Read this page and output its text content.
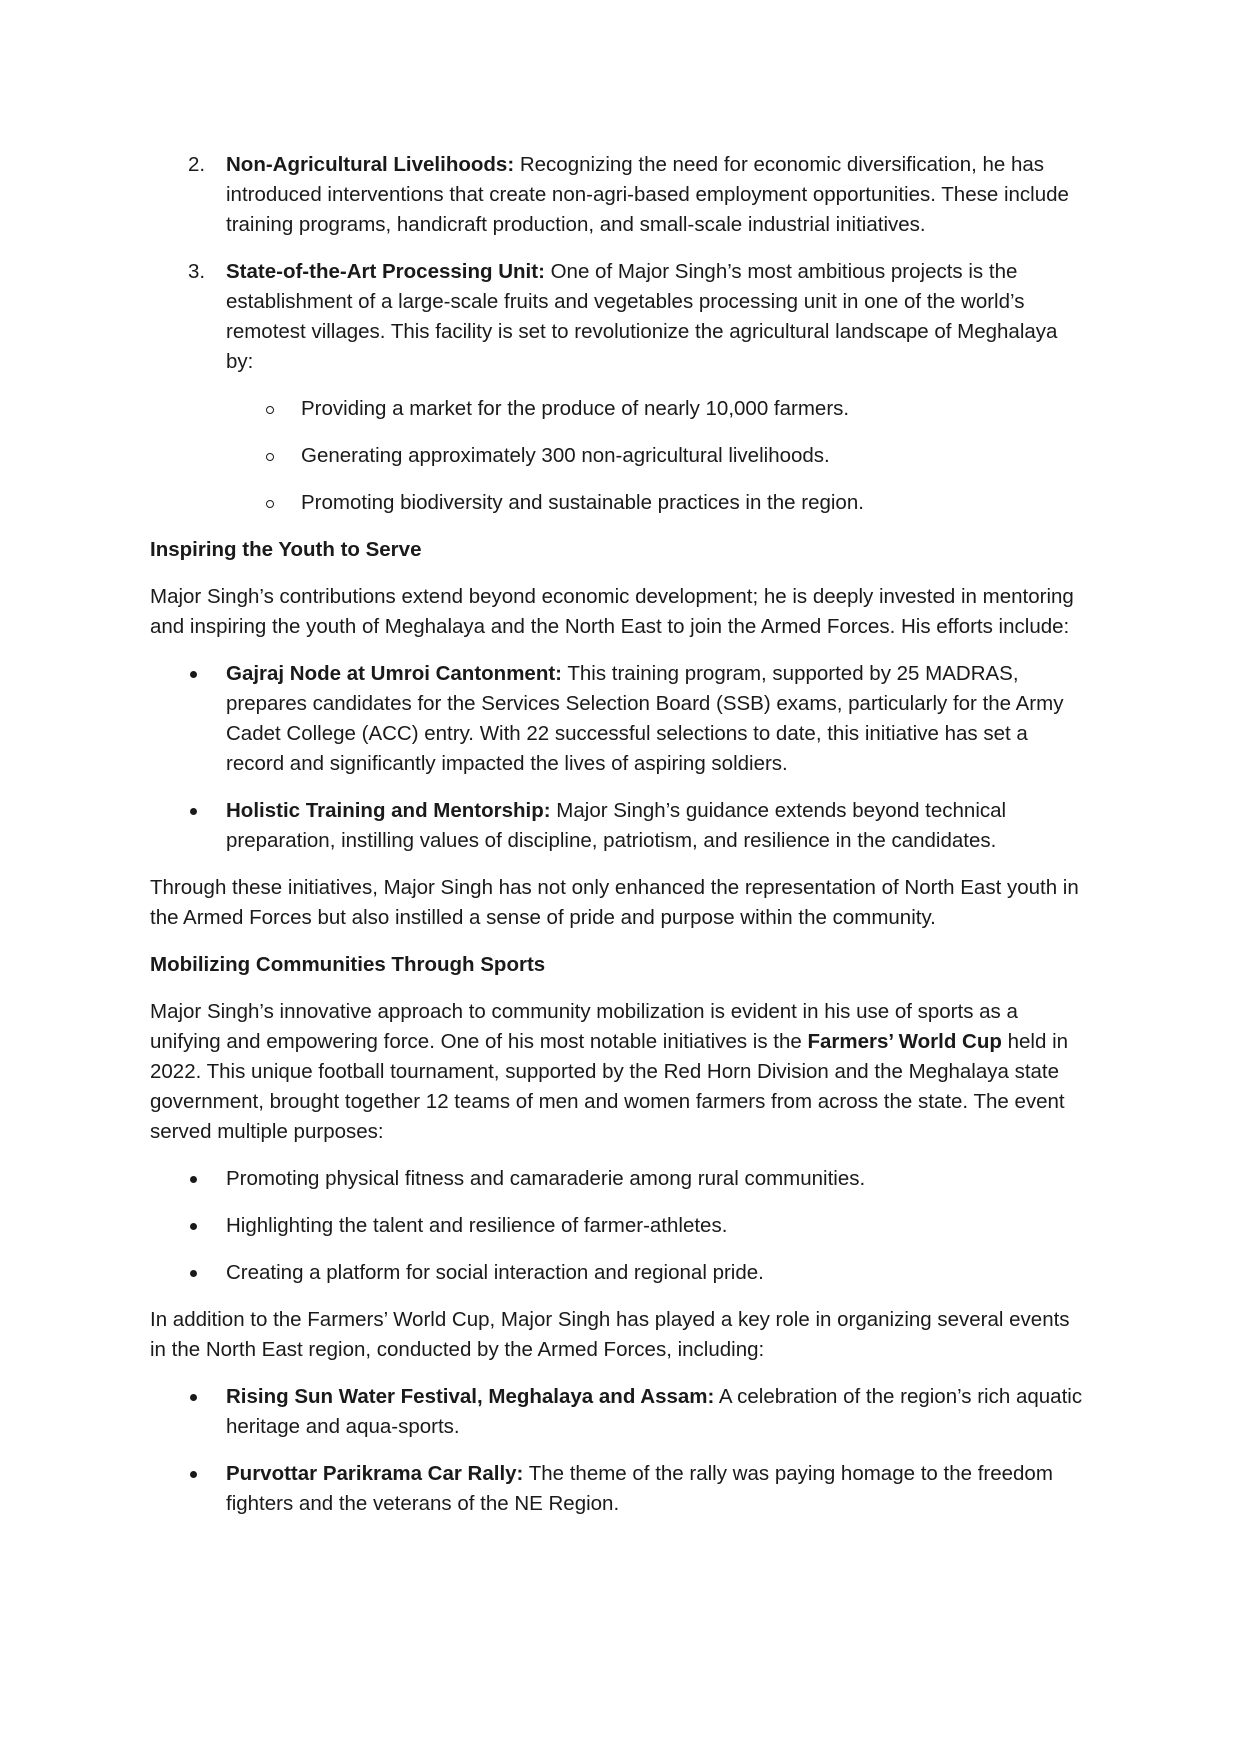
2. Non-Agricultural Livelihoods: Recognizing the need for economic diversification, he has introduced interventions that create non-agri-based employment opportunities. These include training programs, handicraft production, and small-scale industrial initiatives.
3. State-of-the-Art Processing Unit: One of Major Singh’s most ambitious projects is the establishment of a large-scale fruits and vegetables processing unit in one of the world’s remotest villages. This facility is set to revolutionize the agricultural landscape of Meghalaya by:
Providing a market for the produce of nearly 10,000 farmers.
Generating approximately 300 non-agricultural livelihoods.
Promoting biodiversity and sustainable practices in the region.
Inspiring the Youth to Serve

Major Singh’s contributions extend beyond economic development; he is deeply invested in mentoring and inspiring the youth of Meghalaya and the North East to join the Armed Forces. His efforts include:

Gajraj Node at Umroi Cantonment: This training program, supported by 25 MADRAS, prepares candidates for the Services Selection Board (SSB) exams, particularly for the Army Cadet College (ACC) entry. With 22 successful selections to date, this initiative has set a record and significantly impacted the lives of aspiring soldiers.
Holistic Training and Mentorship: Major Singh’s guidance extends beyond technical preparation, instilling values of discipline, patriotism, and resilience in the candidates.

Through these initiatives, Major Singh has not only enhanced the representation of North East youth in the Armed Forces but also instilled a sense of pride and purpose within the community.

Mobilizing Communities Through Sports

Major Singh’s innovative approach to community mobilization is evident in his use of sports as a unifying and empowering force. One of his most notable initiatives is the Farmers’ World Cup held in 2022. This unique football tournament, supported by the Red Horn Division and the Meghalaya state government, brought together 12 teams of men and women farmers from across the state. The event served multiple purposes:

Promoting physical fitness and camaraderie among rural communities.
Highlighting the talent and resilience of farmer-athletes.
Creating a platform for social interaction and regional pride.

In addition to the Farmers’ World Cup, Major Singh has played a key role in organizing several events in the North East region, conducted by the Armed Forces, including:

Rising Sun Water Festival, Meghalaya and Assam: A celebration of the region’s rich aquatic heritage and aqua-sports.
Purvottar Parikrama Car Rally: The theme of the rally was paying homage to the freedom fighters and the veterans of the NE Region.
